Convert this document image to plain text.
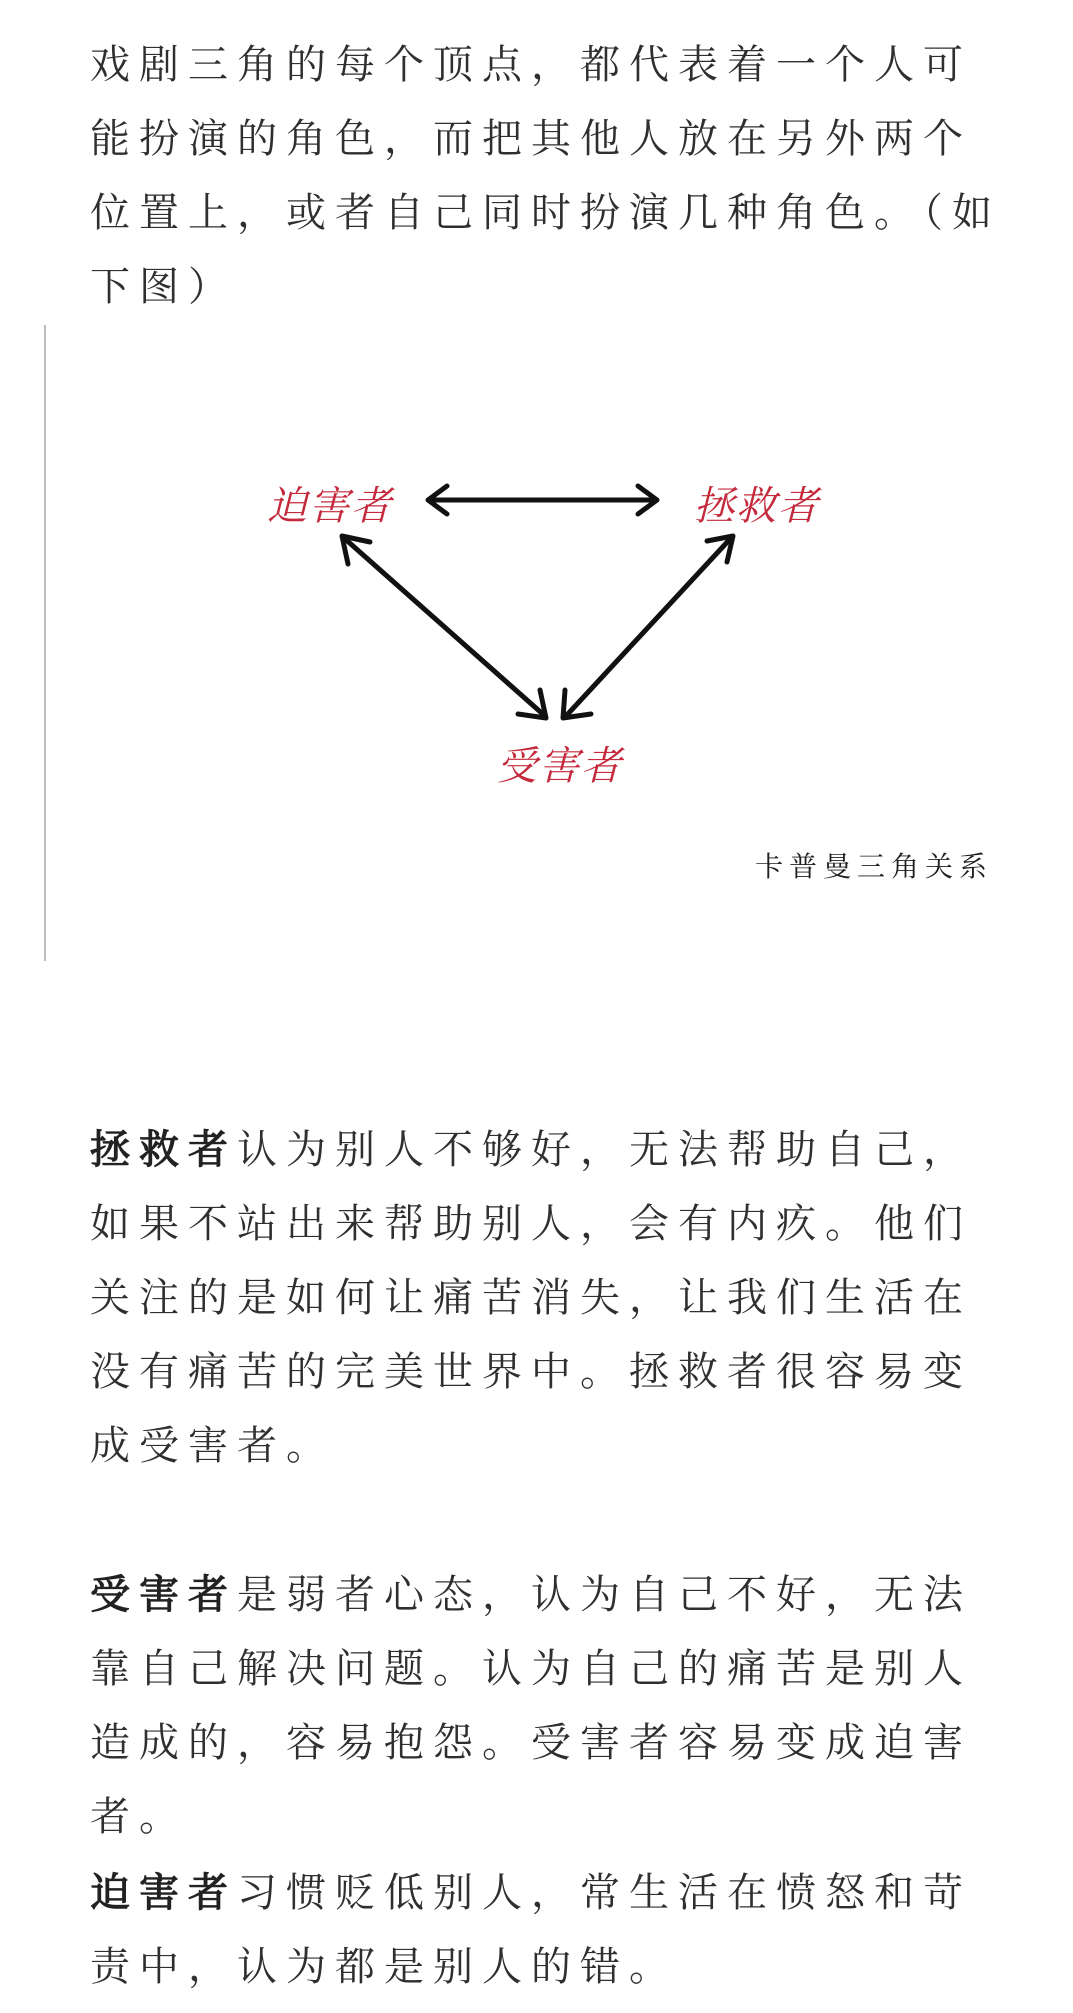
戏剧三角的每个顶点，都代表着一个人可能扮演的角色，而把其他人放在另外两个位置上，或者自己同时扮演几种角色。（如下图）

迫害者	拯救者
受害者
卡普曼三角关系

拯救者认为别人不够好，无法帮助自己，如果不站出来帮助别人，会有内疚。他们关注的是如何让痛苦消失，让我们生活在没有痛苦的完美世界中。拯救者很容易变成受害者。

受害者是弱者心态，认为自己不好，无法靠自己解决问题。认为自己的痛苦是别人造成的，容易抱怨。受害者容易变成迫害者。

迫害者习惯贬低别人，常生活在愤怒和苛责中，认为都是别人的错。
